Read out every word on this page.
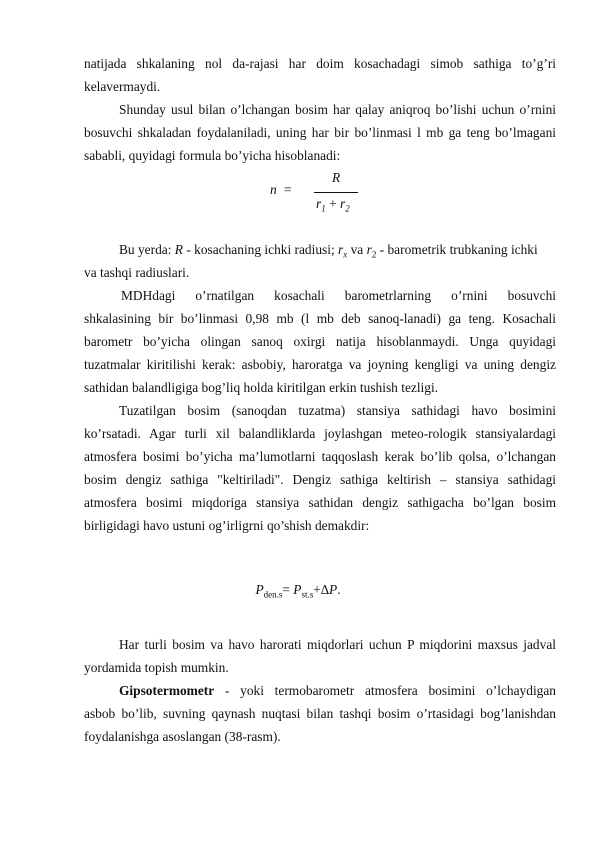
natijada shkalaning nol da-rajasi har doim kosachadagi simob sathiga to’g’ri
kelavermaydi.
Shunday usul bilan o’lchangan bosim har qalay aniqroq bo’lishi uchun o’rnini
bosuvchi shkaladan foydalaniladi, uning har bir bo’linmasi l mb ga teng bo’lmagani
sababli, quyidagi formula bo’yicha hisoblanadi:
n =
R
$r_1 + r_2$
Bu yerda: R - kosachaning ichki radiusi; $r_x$ va $r_2$ - barometrik trubkaning ichki
va tashqi radiuslari.
MDHdagi o’rnatilgan kosachali barometrlarning o’rnini bosuvchi
shkalasining bir bo’linmasi 0,98 mb (l mb deb sanoq-lanadi) ga teng. Kosachali
barometr bo’yicha olingan sanoq oxirgi natija hisoblanmaydi. Unga quyidagi
tuzatmalar kiritilishi kerak: asbobiy, haroratga va joyning kengligi va uning dengiz
sathidan balandligiga bog’liq holda kiritilgan erkin tushish tezligi.
Tuzatilgan bosim (sanoqdan tuzatma) stansiya sathidagi havo bosimini
ko’rsatadi. Agar turli xil balandliklarda joylashgan meteo-rologik stansiyalardagi
atmosfera bosimi bo’yicha ma’lumotlarni taqqoslash kerak bo’lib qolsa, o’lchangan
bosim dengiz sathiga "keltiriladi". Dengiz sathiga keltirish – stansiya sathidagi
atmosfera bosimi miqdoriga stansiya sathidan dengiz sathigacha bo’lgan bosim
birligidagi havo ustuni og’irligrni qo’shish demakdir:
$P_{den.s}= P_{st.s}+\Delta P$.
Har turli bosim va havo harorati miqdorlari uchun P miqdorini maxsus jadval
yordamida topish mumkin.
Gipsotermometr - yoki termobarometr atmosfera bosimini o’lchaydigan
asbob bo’lib, suvning qaynash nuqtasi bilan tashqi bosim o’rtasidagi bog’lanishdan
foydalanishga asoslangan (38-rasm).
